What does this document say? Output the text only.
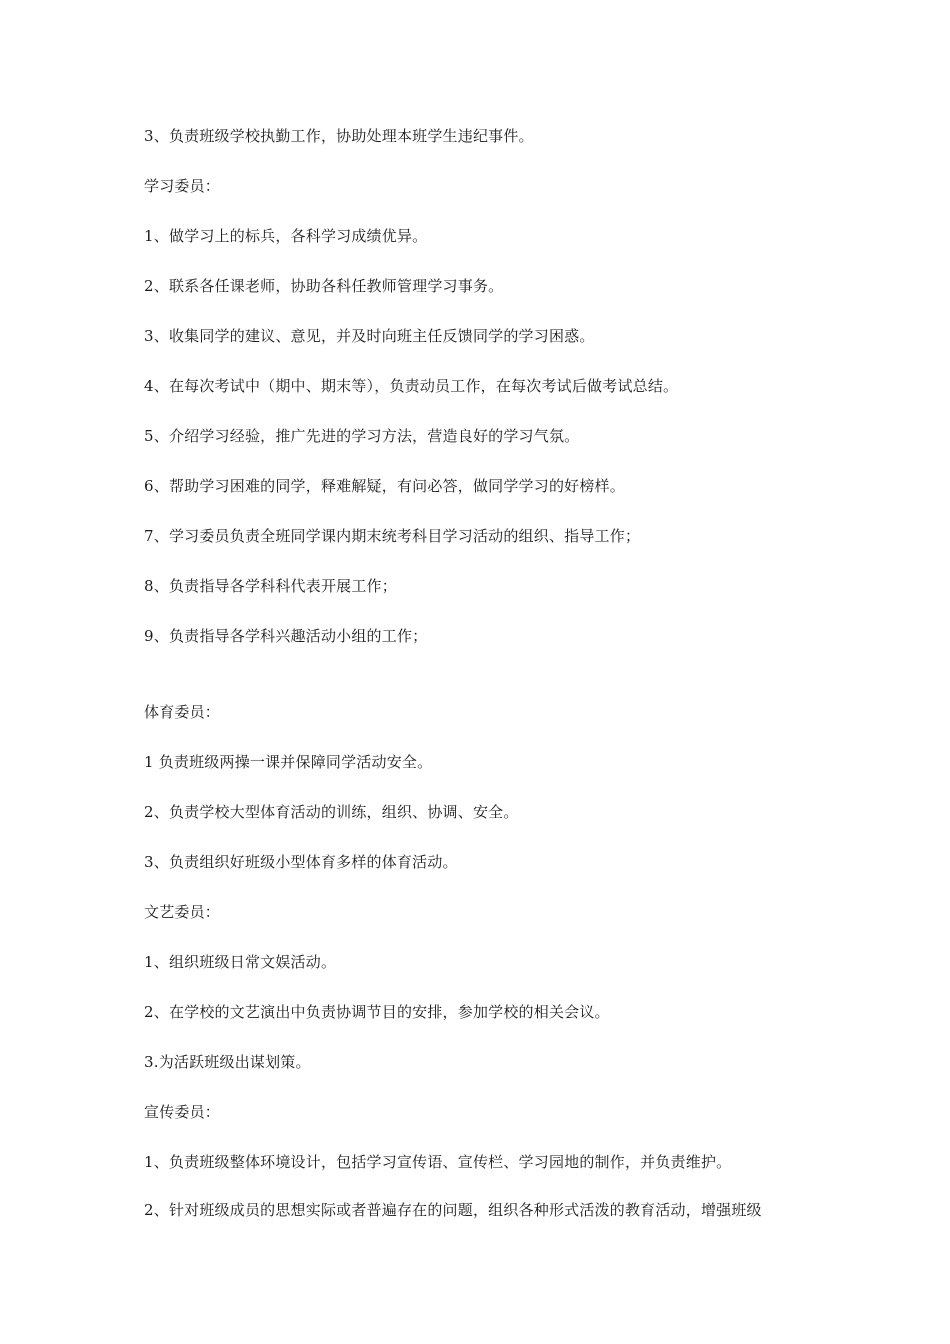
3、负责班级学校执勤工作，协助处理本班学生违纪事件。
学习委员：
1、做学习上的标兵，各科学习成绩优异。
2、联系各任课老师，协助各科任教师管理学习事务。
3、收集同学的建议、意见，并及时向班主任反馈同学的学习困惑。
4、在每次考试中（期中、期末等），负责动员工作，在每次考试后做考试总结。
5、介绍学习经验，推广先进的学习方法，营造良好的学习气氛。
6、帮助学习困难的同学，释难解疑，有问必答，做同学学习的好榜样。
7、学习委员负责全班同学课内期末统考科目学习活动的组织、指导工作；
8、负责指导各学科科代表开展工作；
9、负责指导各学科兴趣活动小组的工作；
体育委员：
1 负责班级两操一课并保障同学活动安全。
2、负责学校大型体育活动的训练，组织、协调、安全。
3、负责组织好班级小型体育多样的体育活动。
文艺委员：
1、组织班级日常文娱活动。
2、在学校的文艺演出中负责协调节目的安排，参加学校的相关会议。
3.为活跃班级出谋划策。
宣传委员：
1、负责班级整体环境设计，包括学习宣传语、宣传栏、学习园地的制作，并负责维护。
2、针对班级成员的思想实际或者普遍存在的问题，组织各种形式活泼的教育活动，增强班级
